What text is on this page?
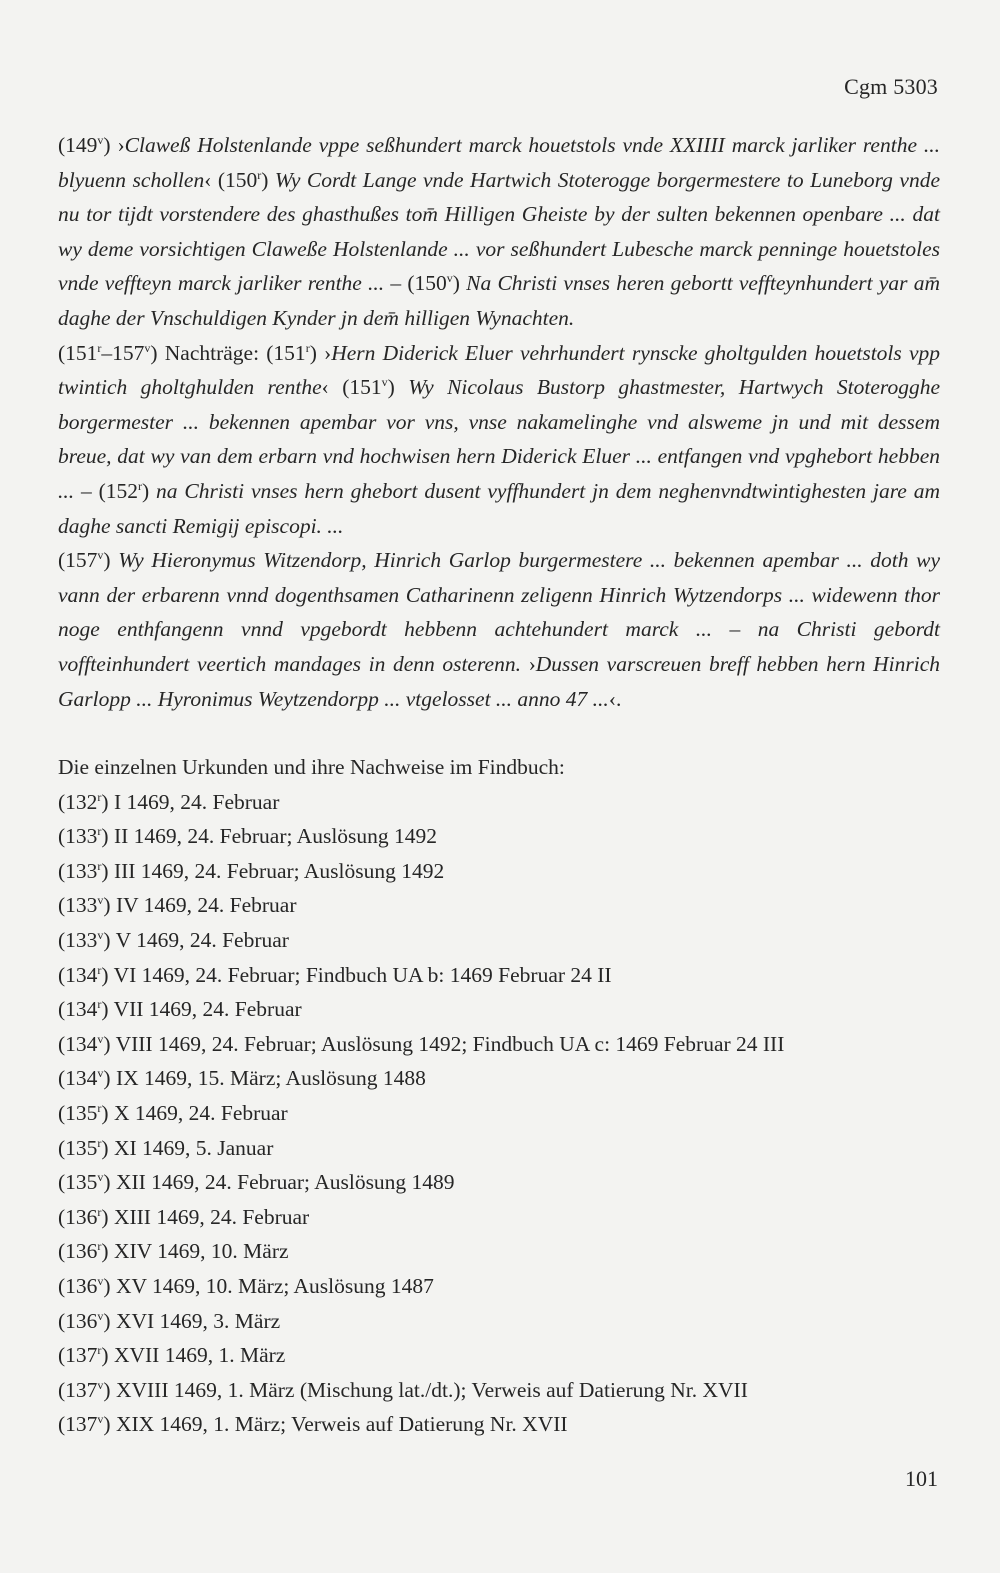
Cgm 5303

(149$^v$) ›Claweß Holstenlande vppe seßhundert marck houetstols vnde XXIIII marck jarliker renthe ... blyuenn schollen‹ (150$^r$) Wy Cordt Lange vnde Hartwich Stoterogge borgermestere to Luneborg vnde nu tor tijdt vorstendere des ghasthußes tom̄ Hilligen Gheiste by der sulten bekennen openbare ... dat wy deme vorsichtigen Claweße Holstenlande ... vor seßhundert Lubesche marck penninge houetstoles vnde veffteyn marck jarliker renthe ... – (150$^v$) Na Christi vnses heren gebortt veffteynhundert yar am̄ daghe der Vnschuldigen Kynder jn dem̄ hilligen Wynachten.

(151$^r$–157$^v$) Nachträge: (151$^r$) ›Hern Diderick Eluer vehrhundert rynscke gholtgulden houetstols vpp twintich gholtghulden renthe‹ (151$^v$) Wy Nicolaus Bustorp ghastmester, Hartwych Stoterogghe borgermester ... bekennen apembar vor vns, vnse nakamelinghe vnd alsweme jn und mit dessem breue, dat wy van dem erbarn vnd hochwisen hern Diderick Eluer ... entfangen vnd vpghebort hebben ... – (152$^r$) na Christi vnses hern ghebort dusent vyffhundert jn dem neghenvndtwintighesten jare am daghe sancti Remigij episcopi. ...

(157$^v$) Wy Hieronymus Witzendorp, Hinrich Garlop burgermestere ... bekennen apembar ... doth wy vann der erbarenn vnnd dogenthsamen Catharinenn zeligenn Hinrich Wytzendorps ... widewenn thor noge enthfangenn vnnd vpgebordt hebbenn achtehundert marck ... – na Christi gebordt voffteinhundert veertich mandages in denn osterenn. ›Dussen varscreuen breff hebben hern Hinrich Garlopp ... Hyronimus Weytzendorpp ... vtgelosset ... anno 47 ...‹.

Die einzelnen Urkunden und ihre Nachweise im Findbuch:

(132$^r$) I 1469, 24. Februar

(133$^r$) II 1469, 24. Februar; Auslösung 1492

(133$^r$) III 1469, 24. Februar; Auslösung 1492

(133$^v$) IV 1469, 24. Februar

(133$^v$) V 1469, 24. Februar

(134$^r$) VI 1469, 24. Februar; Findbuch UA b: 1469 Februar 24 II

(134$^r$) VII 1469, 24. Februar

(134$^v$) VIII 1469, 24. Februar; Auslösung 1492; Findbuch UA c: 1469 Februar 24 III

(134$^v$) IX 1469, 15. März; Auslösung 1488

(135$^r$) X 1469, 24. Februar

(135$^r$) XI 1469, 5. Januar

(135$^v$) XII 1469, 24. Februar; Auslösung 1489

(136$^r$) XIII 1469, 24. Februar

(136$^r$) XIV 1469, 10. März

(136$^v$) XV 1469, 10. März; Auslösung 1487

(136$^v$) XVI 1469, 3. März

(137$^r$) XVII 1469, 1. März

(137$^v$) XVIII 1469, 1. März (Mischung lat./dt.); Verweis auf Datierung Nr. XVII

(137$^v$) XIX 1469, 1. März; Verweis auf Datierung Nr. XVII

101
